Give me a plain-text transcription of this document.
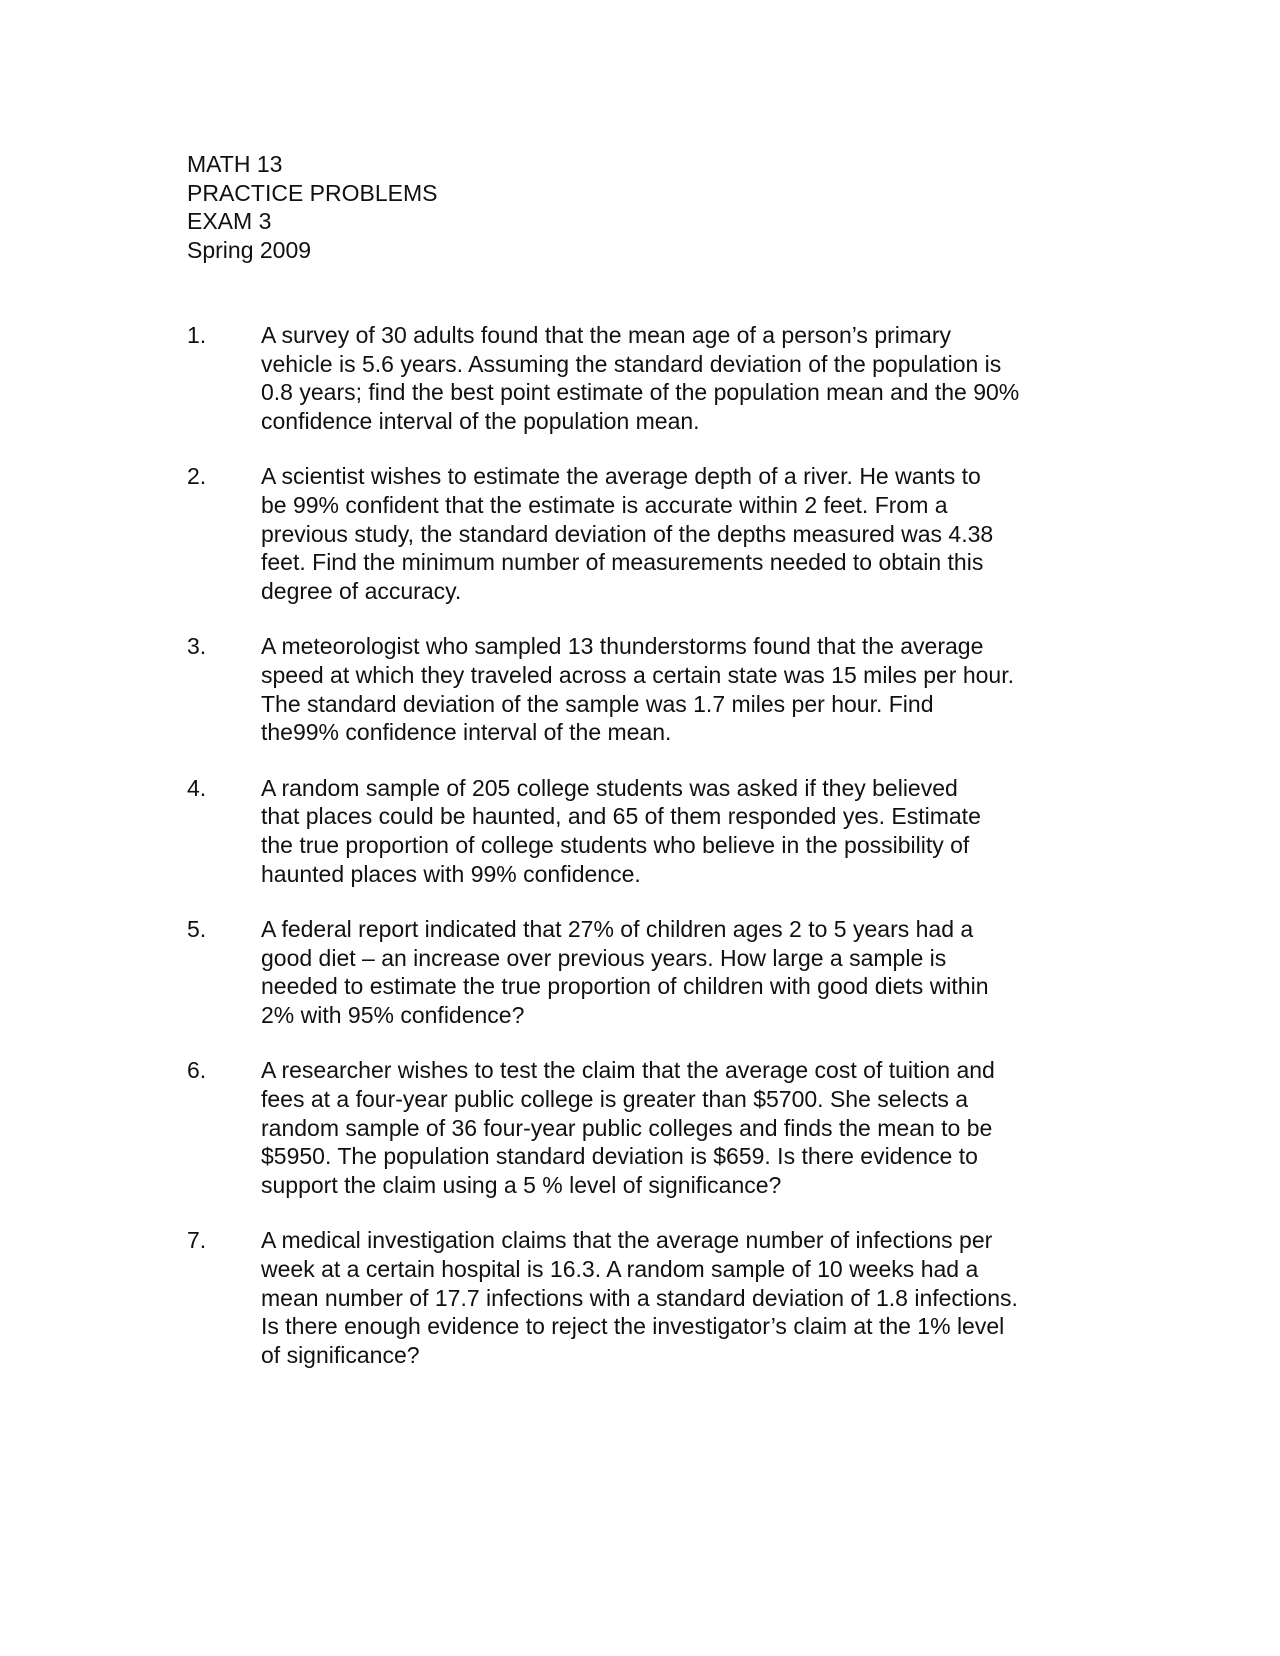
MATH 13
PRACTICE PROBLEMS
EXAM 3
Spring 2009
1.	A survey of 30 adults found that the mean age of a person’s primary
vehicle is 5.6 years. Assuming the standard deviation of the population is
0.8 years; find the best point estimate of the population mean and the 90%
confidence interval of the population mean.
2.	A scientist wishes to estimate the average depth of a river. He wants to
be 99% confident that the estimate is accurate within 2 feet. From a
previous study, the standard deviation of the depths measured was 4.38
feet. Find the minimum number of measurements needed to obtain this
degree of accuracy.
3.	A meteorologist who sampled 13 thunderstorms found that the average
speed at which they traveled across a certain state was 15 miles per hour.
The standard deviation of the sample was 1.7 miles per hour. Find
the99% confidence interval of the mean.
4.	A random sample of 205 college students was asked if they believed
that places could be haunted, and 65 of them responded yes. Estimate
the true proportion of college students who believe in the possibility of
haunted places with 99% confidence.
5.	A federal report indicated that 27% of children ages 2 to 5 years had a
good diet – an increase over previous years. How large a sample is
needed to estimate the true proportion of children with good diets within
2% with 95% confidence?
6.	A researcher wishes to test the claim that the average cost of tuition and
fees at a four-year public college is greater than $5700. She selects a
random sample of 36 four-year public colleges and finds the mean to be
$5950. The population standard deviation is $659. Is there evidence to
support the claim using a 5 % level of significance?
7.	A medical investigation claims that the average number of infections per
week at a certain hospital is 16.3. A random sample of 10 weeks had a
mean number of 17.7 infections with a standard deviation of 1.8 infections.
Is there enough evidence to reject the investigator’s claim at the 1% level
of significance?
